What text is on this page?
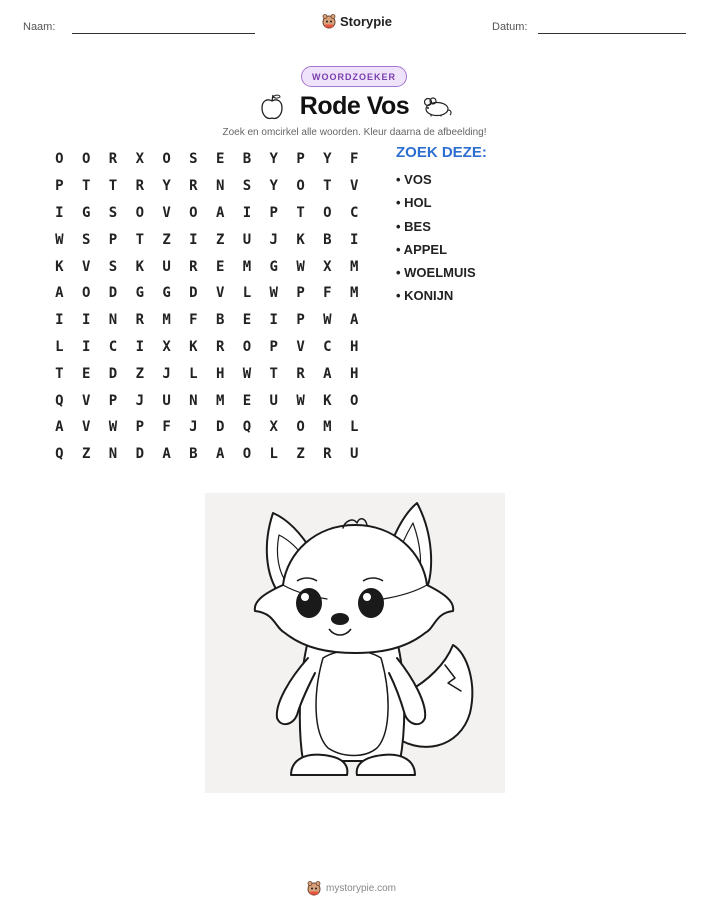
Naam:	Storypie	Datum:
WOORDZOEKER
Rode Vos
Zoek en omcirkel alle woorden. Kleur daarna de afbeelding!
O	O	R	X	O	S	E	B	Y	P	Y	F
P	T	T	R	Y	R	N	S	Y	O	T	V
I	G	S	O	V	O	A	I	P	T	O	C
W	S	P	T	Z	I	Z	U	J	K	B	I
K	V	S	K	U	R	E	M	G	W	X	M
A	O	D	G	G	D	V	L	W	P	F	M
I	I	N	R	M	F	B	E	I	P	W	A
L	I	C	I	X	K	R	O	P	V	C	H
T	E	D	Z	J	L	H	W	T	R	A	H
Q	V	P	J	U	N	M	E	U	W	K	O
A	V	W	P	F	J	D	Q	X	O	M	L
Q	Z	N	D	A	B	A	O	L	Z	R	U
ZOEK DEZE:
• VOS
• HOL
• BES
• APPEL
• WOELMUIS
• KONIJN
mystorypie.com
